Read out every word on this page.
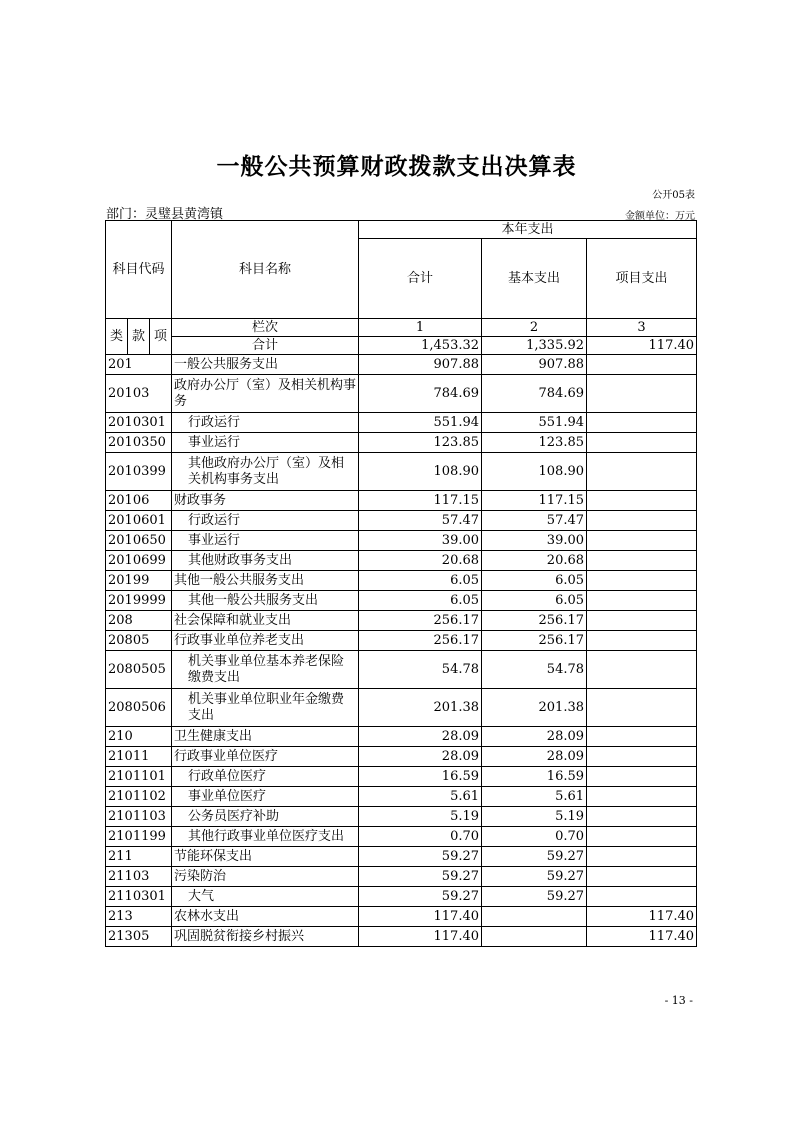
一般公共预算财政拨款支出决算表
公开05表
部门：灵璧县黄湾镇	金额单位：万元
科目代码			科目名称	本年支出		
				合计	基本支出	项目支出
类	款	项	栏次	1	2	3
			合计	1,453.32	1,335.92	117.40
201			一般公共服务支出	907.88	907.88	
20103			政府办公厅（室）及相关机构事务	784.69	784.69	
2010301			行政运行	551.94	551.94	
2010350			事业运行	123.85	123.85	
2010399			其他政府办公厅（室）及相关机构事务支出	108.90	108.90	
20106			财政事务	117.15	117.15	
2010601			行政运行	57.47	57.47	
2010650			事业运行	39.00	39.00	
2010699			其他财政事务支出	20.68	20.68	
20199			其他一般公共服务支出	6.05	6.05	
2019999			其他一般公共服务支出	6.05	6.05	
208			社会保障和就业支出	256.17	256.17	
20805			行政事业单位养老支出	256.17	256.17	
2080505			机关事业单位基本养老保险缴费支出	54.78	54.78	
2080506			机关事业单位职业年金缴费支出	201.38	201.38	
210			卫生健康支出	28.09	28.09	
21011			行政事业单位医疗	28.09	28.09	
2101101			行政单位医疗	16.59	16.59	
2101102			事业单位医疗	5.61	5.61	
2101103			公务员医疗补助	5.19	5.19	
2101199			其他行政事业单位医疗支出	0.70	0.70	
211			节能环保支出	59.27	59.27	
21103			污染防治	59.27	59.27	
2110301			大气	59.27	59.27	
213			农林水支出	117.40		117.40
21305			巩固脱贫衔接乡村振兴	117.40		117.40
- 13 -
